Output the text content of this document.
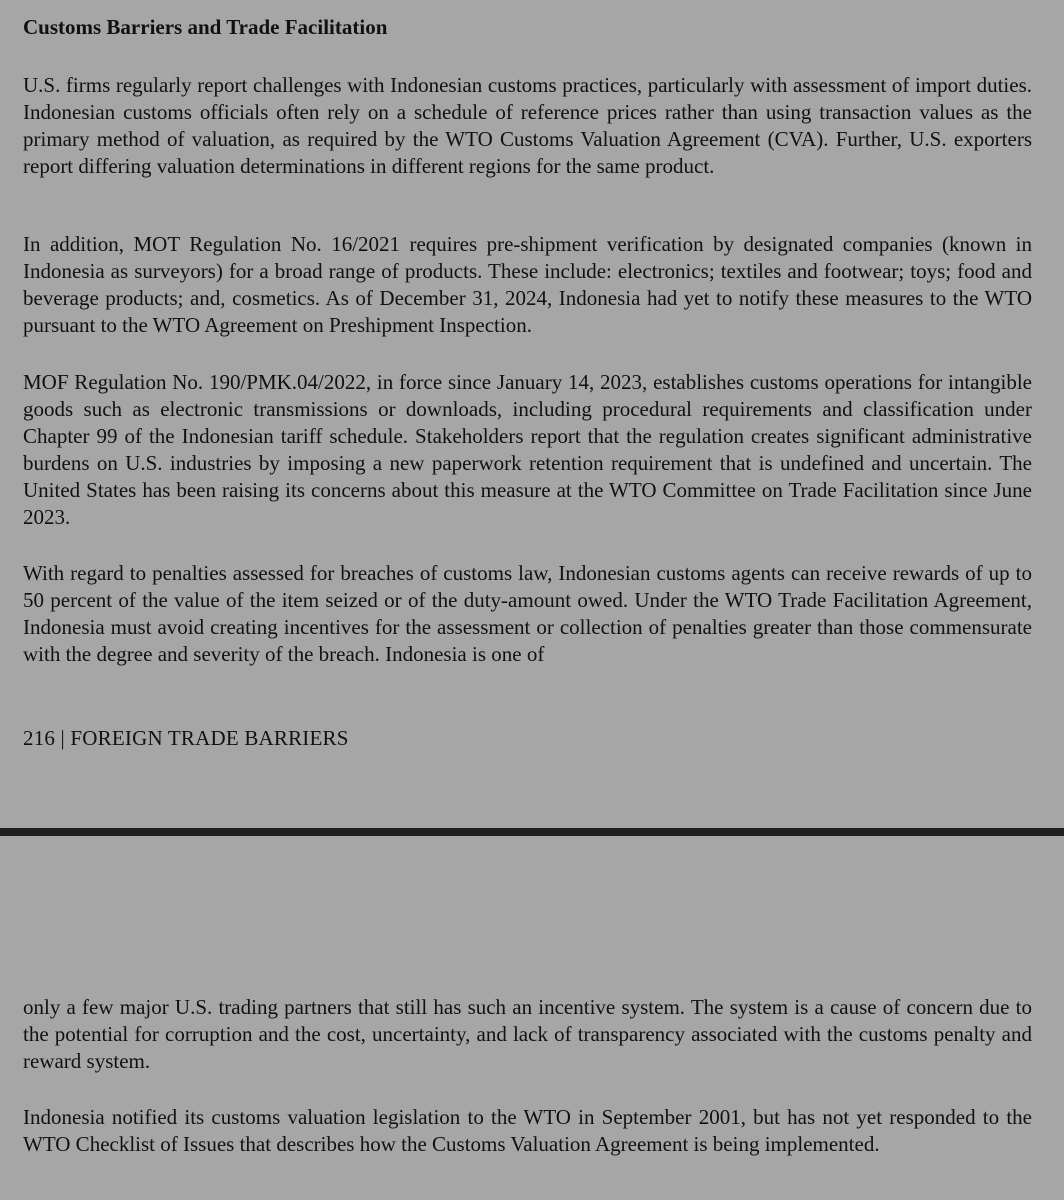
Customs Barriers and Trade Facilitation

U.S. firms regularly report challenges with Indonesian customs practices, particularly with assessment of import duties. Indonesian customs officials often rely on a schedule of reference prices rather than using transaction values as the primary method of valuation, as required by the WTO Customs Valuation Agreement (CVA). Further, U.S. exporters report differing valuation determinations in different regions for the same product.

In addition, MOT Regulation No. 16/2021 requires pre-shipment verification by designated companies (known in Indonesia as surveyors) for a broad range of products. These include: electronics; textiles and footwear; toys; food and beverage products; and, cosmetics. As of December 31, 2024, Indonesia had yet to notify these measures to the WTO pursuant to the WTO Agreement on Preshipment Inspection.

MOF Regulation No. 190/PMK.04/2022, in force since January 14, 2023, establishes customs operations for intangible goods such as electronic transmissions or downloads, including procedural requirements and classification under Chapter 99 of the Indonesian tariff schedule. Stakeholders report that the regulation creates significant administrative burdens on U.S. industries by imposing a new paperwork retention requirement that is undefined and uncertain. The United States has been raising its concerns about this measure at the WTO Committee on Trade Facilitation since June 2023.

With regard to penalties assessed for breaches of customs law, Indonesian customs agents can receive rewards of up to 50 percent of the value of the item seized or of the duty-amount owed. Under the WTO Trade Facilitation Agreement, Indonesia must avoid creating incentives for the assessment or collection of penalties greater than those commensurate with the degree and severity of the breach. Indonesia is one of

216 | FOREIGN TRADE BARRIERS

only a few major U.S. trading partners that still has such an incentive system. The system is a cause of concern due to the potential for corruption and the cost, uncertainty, and lack of transparency associated with the customs penalty and reward system.

Indonesia notified its customs valuation legislation to the WTO in September 2001, but has not yet responded to the WTO Checklist of Issues that describes how the Customs Valuation Agreement is being implemented.
